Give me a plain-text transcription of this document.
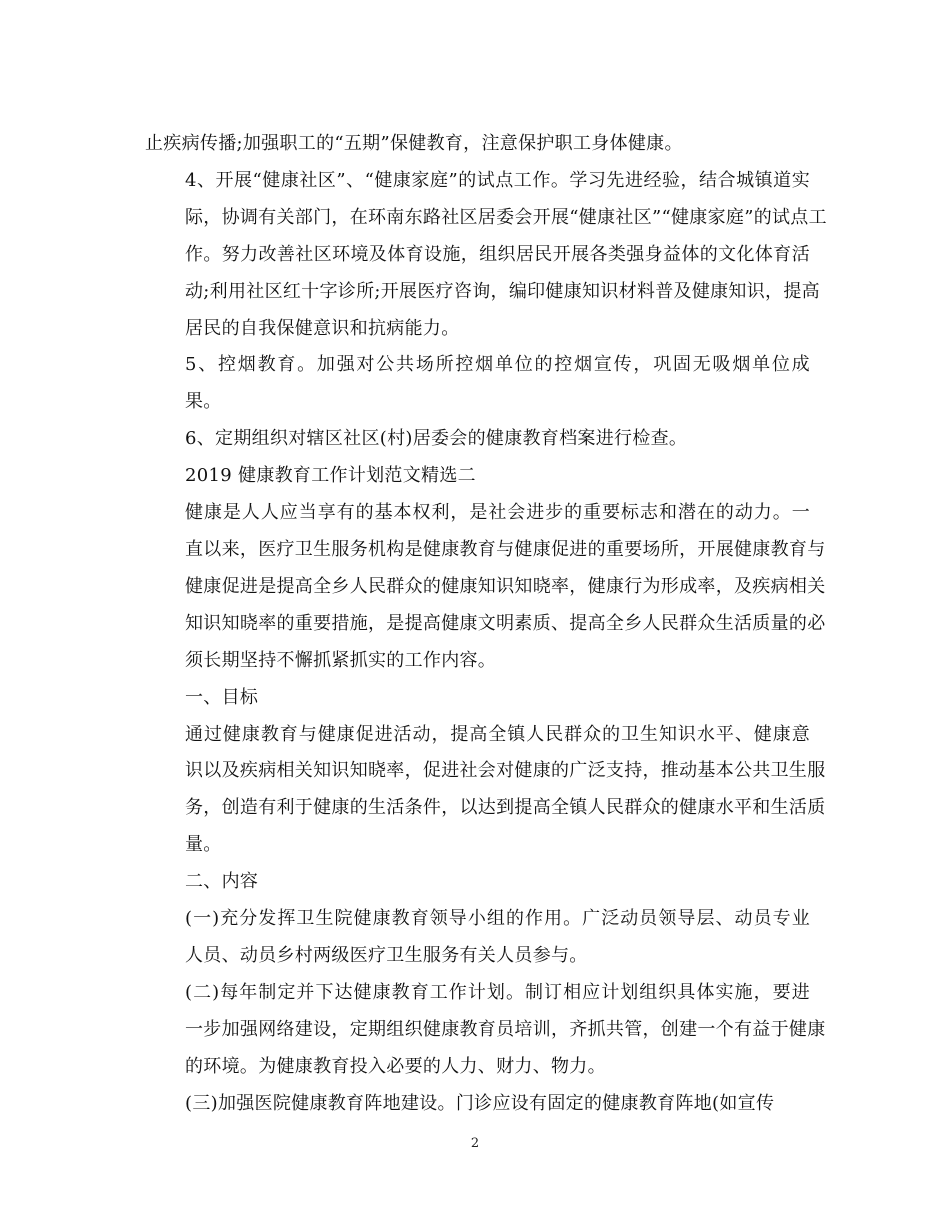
止疾病传播;加强职工的“五期”保健教育，注意保护职工身体健康。

4、开展“健康社区”、“健康家庭”的试点工作。学习先进经验，结合城镇道实
际，协调有关部门，在环南东路社区居委会开展“健康社区”“健康家庭”的试点工
作。努力改善社区环境及体育设施，组织居民开展各类强身益体的文化体育活
动;利用社区红十字诊所;开展医疗咨询，编印健康知识材料普及健康知识，提高
居民的自我保健意识和抗病能力。

5、控烟教育。加强对公共场所控烟单位的控烟宣传，巩固无吸烟单位成
果。

6、定期组织对辖区社区(村)居委会的健康教育档案进行检查。

2019 健康教育工作计划范文精选二

健康是人人应当享有的基本权利，是社会进步的重要标志和潜在的动力。一
直以来，医疗卫生服务机构是健康教育与健康促进的重要场所，开展健康教育与
健康促进是提高全乡人民群众的健康知识知晓率，健康行为形成率，及疾病相关
知识知晓率的重要措施，是提高健康文明素质、提高全乡人民群众生活质量的必
须长期坚持不懈抓紧抓实的工作内容。

一、目标

通过健康教育与健康促进活动，提高全镇人民群众的卫生知识水平、健康意
识以及疾病相关知识知晓率，促进社会对健康的广泛支持，推动基本公共卫生服
务，创造有利于健康的生活条件，以达到提高全镇人民群众的健康水平和生活质
量。

二、内容

(一)充分发挥卫生院健康教育领导小组的作用。广泛动员领导层、动员专业
人员、动员乡村两级医疗卫生服务有关人员参与。

(二)每年制定并下达健康教育工作计划。制订相应计划组织具体实施，要进
一步加强网络建设，定期组织健康教育员培训，齐抓共管，创建一个有益于健康
的环境。为健康教育投入必要的人力、财力、物力。

(三)加强医院健康教育阵地建设。门诊应设有固定的健康教育阵地(如宣传

2
